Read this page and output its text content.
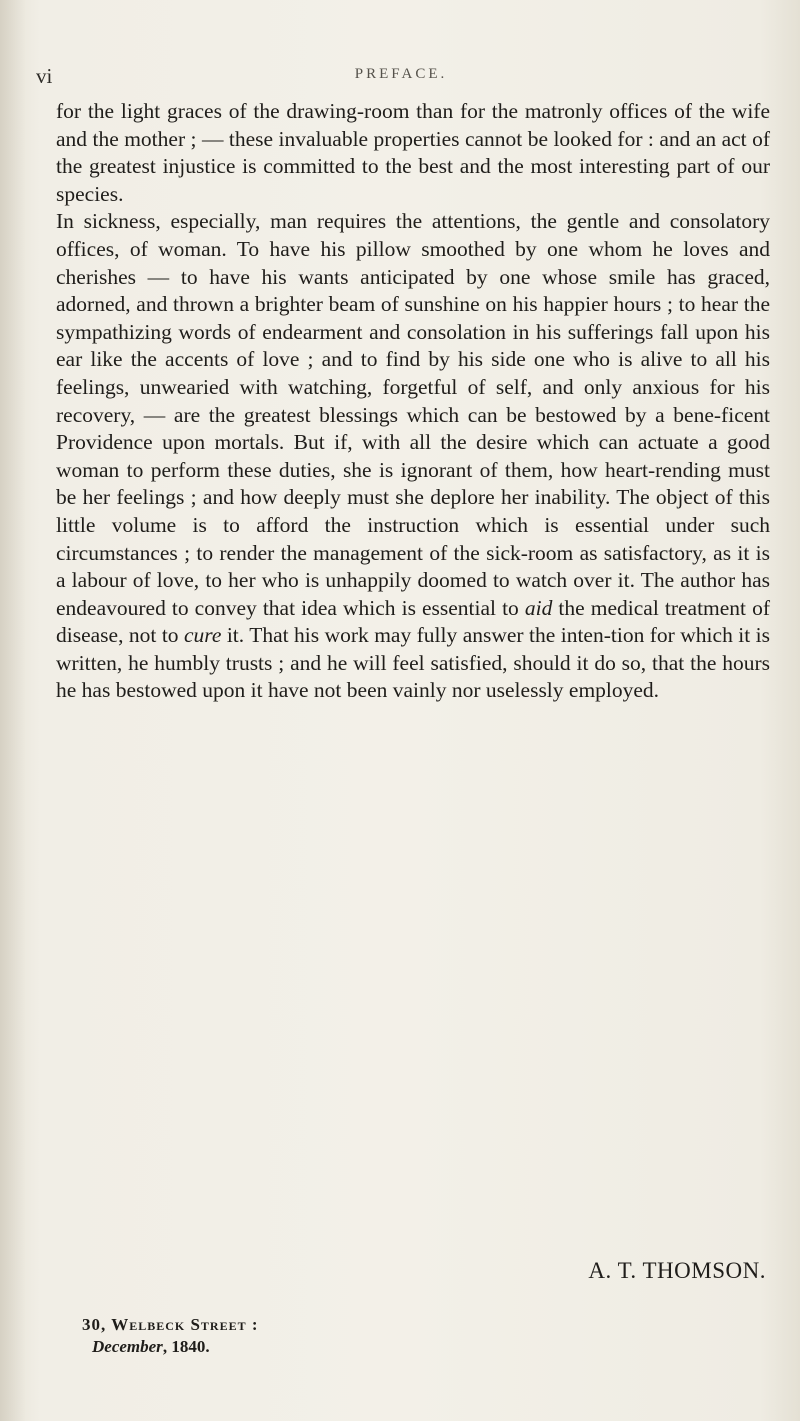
vi	PREFACE.

for the light graces of the drawing-room than for the matronly offices of the wife and the mother ; — these invaluable properties cannot be looked for : and an act of the greatest injustice is committed to the best and the most interesting part of our species.

In sickness, especially, man requires the attentions, the gentle and consolatory offices, of woman. To have his pillow smoothed by one whom he loves and cherishes — to have his wants anticipated by one whose smile has graced, adorned, and thrown a brighter beam of sunshine on his happier hours ; to hear the sympathizing words of endearment and consolation in his sufferings fall upon his ear like the accents of love ; and to find by his side one who is alive to all his feelings, unwearied with watching, forgetful of self, and only anxious for his recovery, — are the greatest blessings which can be bestowed by a bene-ficent Providence upon mortals. But if, with all the desire which can actuate a good woman to perform these duties, she is ignorant of them, how heart-rending must be her feelings ; and how deeply must she deplore her inability. The object of this little volume is to afford the instruction which is essential under such circumstances ; to render the management of the sick-room as satisfactory, as it is a labour of love, to her who is unhappily doomed to watch over it. The author has endeavoured to convey that idea which is essential to aid the medical treatment of disease, not to cure it. That his work may fully answer the inten-tion for which it is written, he humbly trusts ; and he will feel satisfied, should it do so, that the hours he has bestowed upon it have not been vainly nor uselessly employed.

A. T. THOMSON.
30, Welbeck Street :
December, 1840.
